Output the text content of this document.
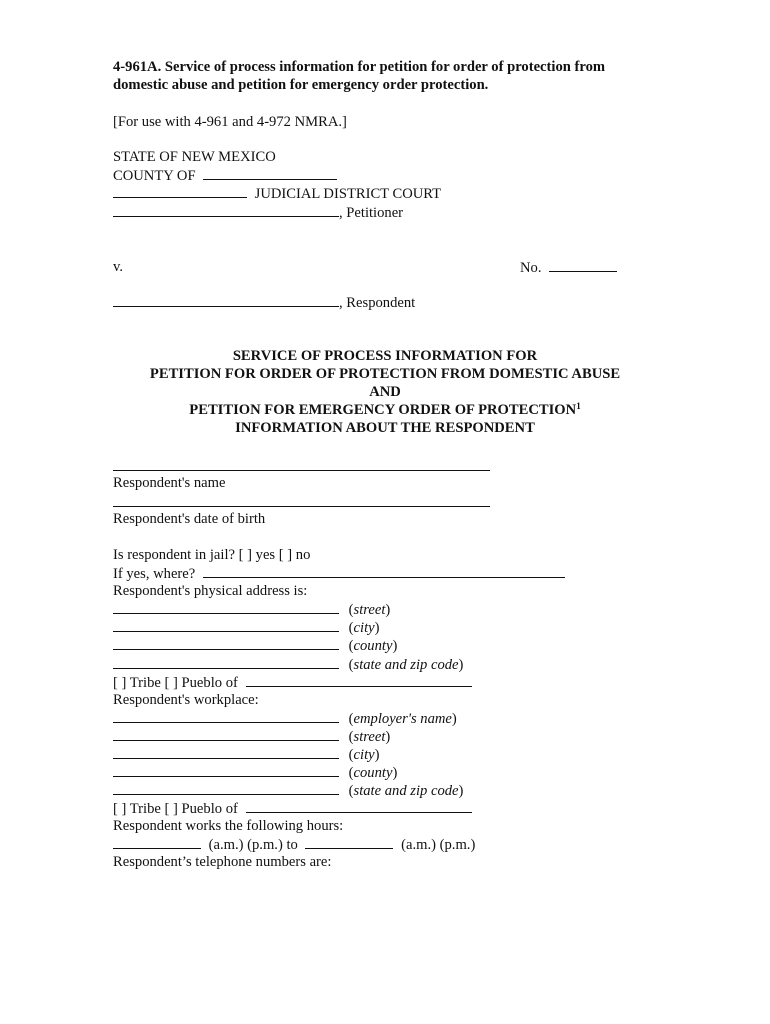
4-961A. Service of process information for petition for order of protection from
domestic abuse and petition for emergency order protection.
[For use with 4-961 and 4-972 NMRA.]
STATE OF NEW MEXICO
COUNTY OF
JUDICIAL DISTRICT COURT
, Petitioner
v.	No.
, Respondent
SERVICE OF PROCESS INFORMATION FOR
PETITION FOR ORDER OF PROTECTION FROM DOMESTIC ABUSE
AND
PETITION FOR EMERGENCY ORDER OF PROTECTION$^1$
INFORMATION ABOUT THE RESPONDENT
Respondent's name
Respondent's date of birth
Is respondent in jail? [ ] yes [ ] no
If yes, where?
Respondent's physical address is:
(street)
(city)
(county)
(state and zip code)
[ ] Tribe [ ] Pueblo of
Respondent's workplace:
(employer's name)
(street)
(city)
(county)
(state and zip code)
[ ] Tribe [ ] Pueblo of
Respondent works the following hours:
(a.m.) (p.m.) to	(a.m.) (p.m.)
Respondent’s telephone numbers are:
